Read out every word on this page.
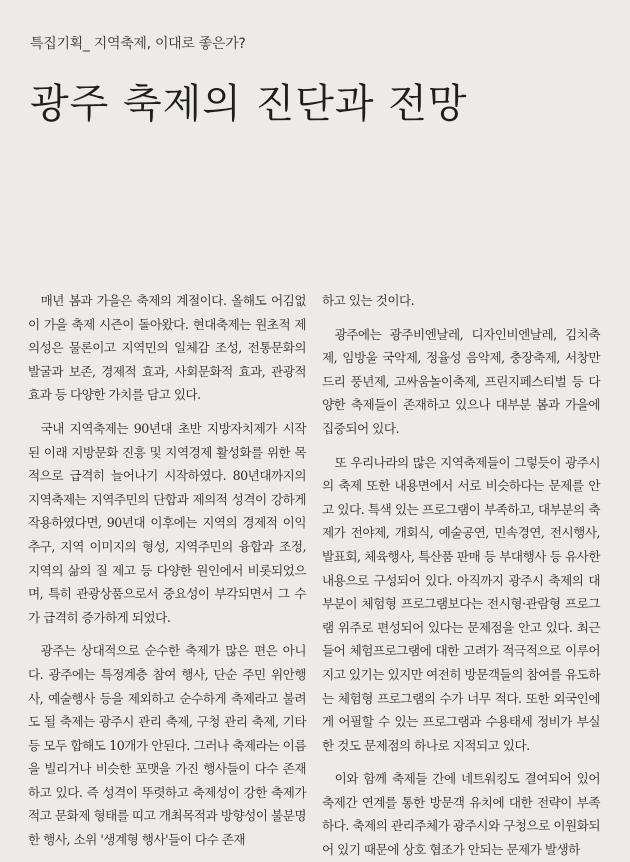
특집기획_ 지역축제, 이대로 좋은가?
광주 축제의 진단과 전망

매년 봄과 가을은 축제의 계절이다. 올해도 어김없이 가을 축제 시즌이 돌아왔다. 현대축제는 원초적 제의성은 물론이고 지역민의 일체감 조성, 전통문화의 발굴과 보존, 경제적 효과, 사회문화적 효과, 관광적 효과 등 다양한 가치를 담고 있다.

국내 지역축제는 90년대 초반 지방자치제가 시작된 이래 지방문화 진흥 및 지역경제 활성화를 위한 목적으로 급격히 늘어나기 시작하였다. 80년대까지의 지역축제는 지역주민의 단합과 제의적 성격이 강하게 작용하였다면, 90년대 이후에는 지역의 경제적 이익추구, 지역 이미지의 형성, 지역주민의 융합과 조정, 지역의 삶의 질 제고 등 다양한 원인에서 비롯되었으며, 특히 관광상품으로서 중요성이 부각되면서 그 수가 급격히 증가하게 되었다.

광주는 상대적으로 순수한 축제가 많은 편은 아니다. 광주에는 특정계층 참여 행사, 단순 주민 위안행사, 예술행사 등을 제외하고 순수하게 축제라고 불려도 될 축제는 광주시 관리 축제, 구청 관리 축제, 기타 등 모두 합해도 10개가 안된다. 그러나 축제라는 이름을 빌리거나 비슷한 포맷을 가진 행사들이 다수 존재하고 있다. 즉 성격이 뚜렷하고 축제성이 강한 축제가 적고 문화제 형태를 띠고 개최목적과 방향성이 불분명한 행사, 소위 '생계형 행사'들이 다수 존재

하고 있는 것이다.

광주에는 광주비엔날레, 디자인비엔날레, 김치축제, 임방울 국악제, 정율성 음악제, 충장축제, 서창만드리 풍년제, 고싸움놀이축제, 프린지페스티벌 등 다양한 축제들이 존재하고 있으나 대부분 봄과 가을에 집중되어 있다.

또 우리나라의 많은 지역축제들이 그렇듯이 광주시의 축제 또한 내용면에서 서로 비슷하다는 문제를 안고 있다. 특색 있는 프로그램이 부족하고, 대부분의 축제가 전야제, 개회식, 예술공연, 민속경연, 전시행사, 발표회, 체육행사, 특산품 판매 등 부대행사 등 유사한 내용으로 구성되어 있다. 아직까지 광주시 축제의 대부분이 체험형 프로그램보다는 전시형·관람형 프로그램 위주로 편성되어 있다는 문제점을 안고 있다. 최근 들어 체험프로그램에 대한 고려가 적극적으로 이루어지고 있기는 있지만 여전히 방문객들의 참여를 유도하는 체험형 프로그램의 수가 너무 적다. 또한 외국인에게 어필할 수 있는 프로그램과 수용태세 정비가 부실한 것도 문제점의 하나로 지적되고 있다.

이와 함께 축제들 간에 네트워킹도 결여되어 있어 축제간 연계를 통한 방문객 유치에 대한 전략이 부족하다. 축제의 관리주체가 광주시와 구청으로 이원화되어 있기 때문에 상호 협조가 안되는 문제가 발생하
